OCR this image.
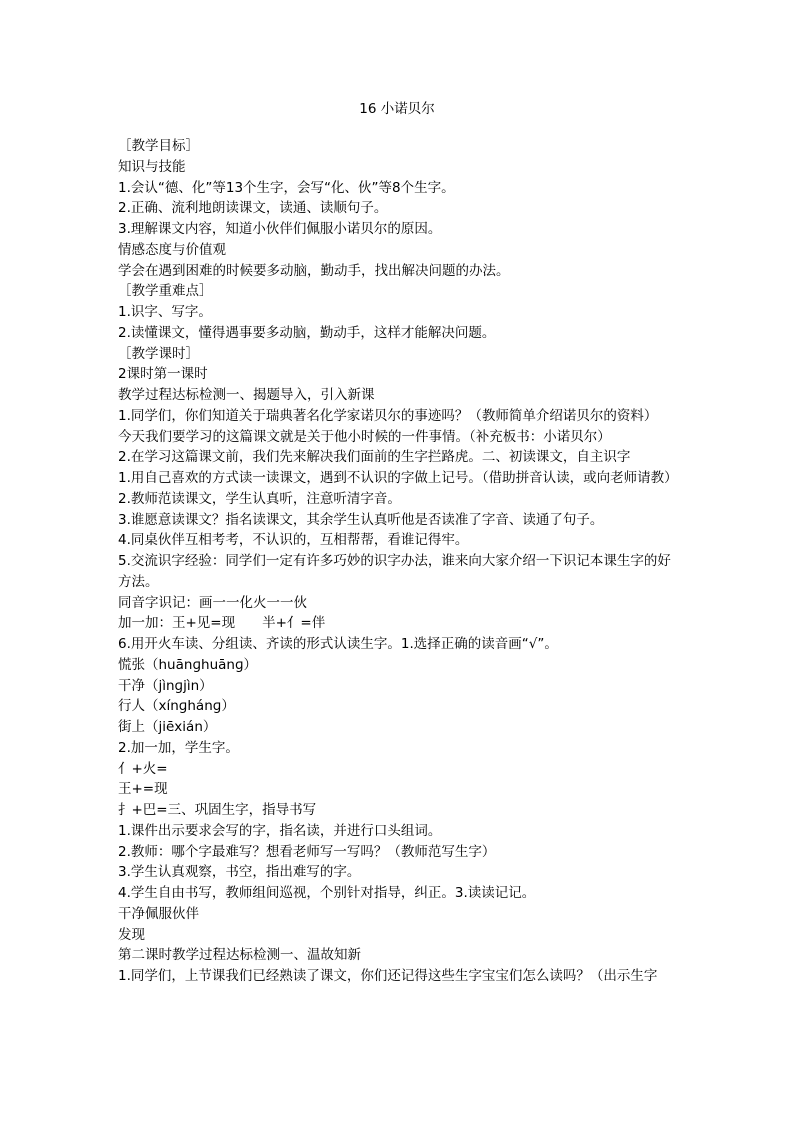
16 小诺贝尔

［教学目标］

知识与技能

1.会认“德、化”等13个生字，会写“化、伙”等8个生字。

2.正确、流利地朗读课文，读通、读顺句子。

3.理解课文内容，知道小伙伴们佩服小诺贝尔的原因。

情感态度与价值观

学会在遇到困难的时候要多动脑，勤动手，找出解决问题的办法。

［教学重难点］

1.识字、写字。

2.读懂课文，懂得遇事要多动脑，勤动手，这样才能解决问题。

［教学课时］

2课时第一课时

教学过程达标检测一、揭题导入，引入新课

1.同学们，你们知道关于瑞典著名化学家诺贝尔的事迹吗？（教师简单介绍诺贝尔的资料）

今天我们要学习的这篇课文就是关于他小时候的一件事情。（补充板书：小诺贝尔）

2.在学习这篇课文前，我们先来解决我们面前的生字拦路虎。二、初读课文，自主识字

1.用自己喜欢的方式读一读课文，遇到不认识的字做上记号。（借助拼音认读，或向老师请教）

2.教师范读课文，学生认真听，注意听清字音。

3.谁愿意读课文？指名读课文，其余学生认真听他是否读准了字音、读通了句子。

4.同桌伙伴互相考考，不认识的，互相帮帮，看谁记得牢。

5.交流识字经验：同学们一定有许多巧妙的识字办法，谁来向大家介绍一下识记本课生字的好方法。

同音字识记：画一一化火一一伙

加一加：王+见=现　　半+亻=伴

6.用开火车读、分组读、齐读的形式认读生字。1.选择正确的读音画“√”。

慌张（huānɡhuānɡ）

干净（jìnɡjìn）

行人（xínɡhánɡ）

街上（jiēxián）

2.加一加，学生字。

亻+火=

王+=现

扌+巴=三、巩固生字，指导书写

1.课件出示要求会写的字，指名读，并进行口头组词。

2.教师：哪个字最难写？想看老师写一写吗？（教师范写生字）

3.学生认真观察，书空，指出难写的字。

4.学生自由书写，教师组间巡视，个别针对指导，纠正。3.读读记记。

干净佩服伙伴

发现

第二课时教学过程达标检测一、温故知新

1.同学们，上节课我们已经熟读了课文，你们还记得这些生字宝宝们怎么读吗？（出示生字
